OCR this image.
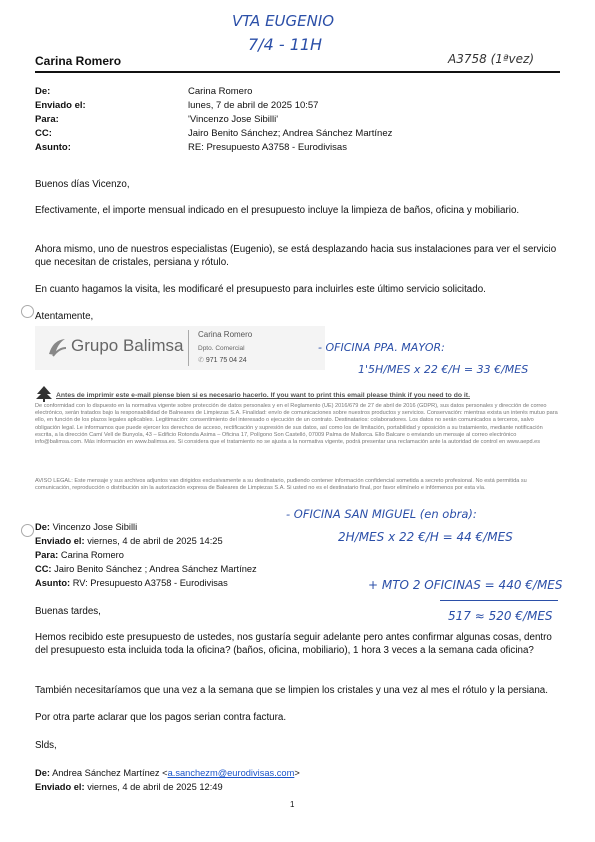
VTA EUGENIO
7/4 - 11H
A3758 (1ªvez)
Carina Romero
De:	Carina Romero
Enviado el:	lunes, 7 de abril de 2025 10:57
Para:	'Vincenzo Jose Sibilli'
CC:	Jairo Benito Sánchez; Andrea Sánchez Martínez
Asunto:	RE: Presupuesto A3758 - Eurodivisas
Buenos días Vicenzo,
Efectivamente, el importe mensual indicado en el presupuesto incluye la limpieza de baños, oficina y mobiliario.
Ahora mismo, uno de nuestros especialistas (Eugenio), se está desplazando hacia sus instalaciones para ver el servicio que necesitan de cristales, persiana y rótulo.
En cuanto hagamos la visita, les modificaré el presupuesto para incluirles este último servicio solicitado.
Atentamente,
Grupo Balimsa
Carina Romero
Dpto. Comercial
✆ 971 75 04 24
- OFICINA PPA. MAYOR:
1'5H/MES x 22 €/H = 33 €/MES
Antes de imprimir este e-mail piense bien si es necesario hacerlo. If you want to print this email please think if you need to do it.
De conformidad con lo dispuesto en la normativa vigente sobre protección de datos personales y en el Reglamento (UE) 2016/679 de 27 de abril de 2016 (GDPR), sus datos personales y dirección de correo electrónico, serán tratados bajo la responsabilidad de Balneares de Limpiezas S.A. Finalidad: envío de comunicaciones sobre nuestros productos y servicios. Conservación: mientras exista un interés mutuo para ello, en función de los plazos legales aplicables. Legitimación: consentimiento del interesado o ejecución de un contrato. Destinatarios: colaboradores. Los datos no serán comunicados a terceros, salvo obligación legal. Le informamos que puede ejercer los derechos de acceso, rectificación y supresión de sus datos, así como los de limitación, portabilidad y oposición a su tratamiento, mediante notificación escrita, a la dirección Camí Vell de Bunyola, 43 – Edificio Rotonda Asima – Oficina 17, Polígono Son Castelló, 07009 Palma de Mallorca. Ello Balcare o enviando un mensaje al correo electrónico info@balimsa.com. Más información en www.balimsa.es. Si considera que el tratamiento no se ajusta a la normativa vigente, podrá presentar una reclamación ante la autoridad de control en www.aepd.es
AVISO LEGAL: Este mensaje y sus archivos adjuntos van dirigidos exclusivamente a su destinatario, pudiendo contener información confidencial sometida a secreto profesional. No está permitida su comunicación, reproducción o distribución sin la autorización expresa de Baleares de Limpiezas S.A. Si usted no es el destinatario final, por favor elimínelo e infórmenos por esta vía.
- OFICINA SAN MIGUEL (en obra):
2H/MES x 22 €/H = 44 €/MES
De: Vincenzo Jose Sibilli
Enviado el: viernes, 4 de abril de 2025 14:25
Para: Carina Romero
CC: Jairo Benito Sánchez ; Andrea Sánchez Martínez
Asunto: RV: Presupuesto A3758 - Eurodivisas	+ MTO 2 OFICINAS = 440 €/MES
517 ≈ 520 €/MES
Buenas tardes,
Hemos recibido este presupuesto de ustedes, nos gustaría seguir adelante pero antes confirmar algunas cosas, dentro del presupuesto esta incluida toda la oficina? (baños, oficina, mobiliario), 1 hora 3 veces a la semana cada oficina?
También necesitaríamos que una vez a la semana que se limpien los cristales y una vez al mes el rótulo y la persiana.
Por otra parte aclarar que los pagos serian contra factura.
Slds,
De: Andrea Sánchez Martínez <a.sanchezm@eurodivisas.com>
Enviado el: viernes, 4 de abril de 2025 12:49
1
